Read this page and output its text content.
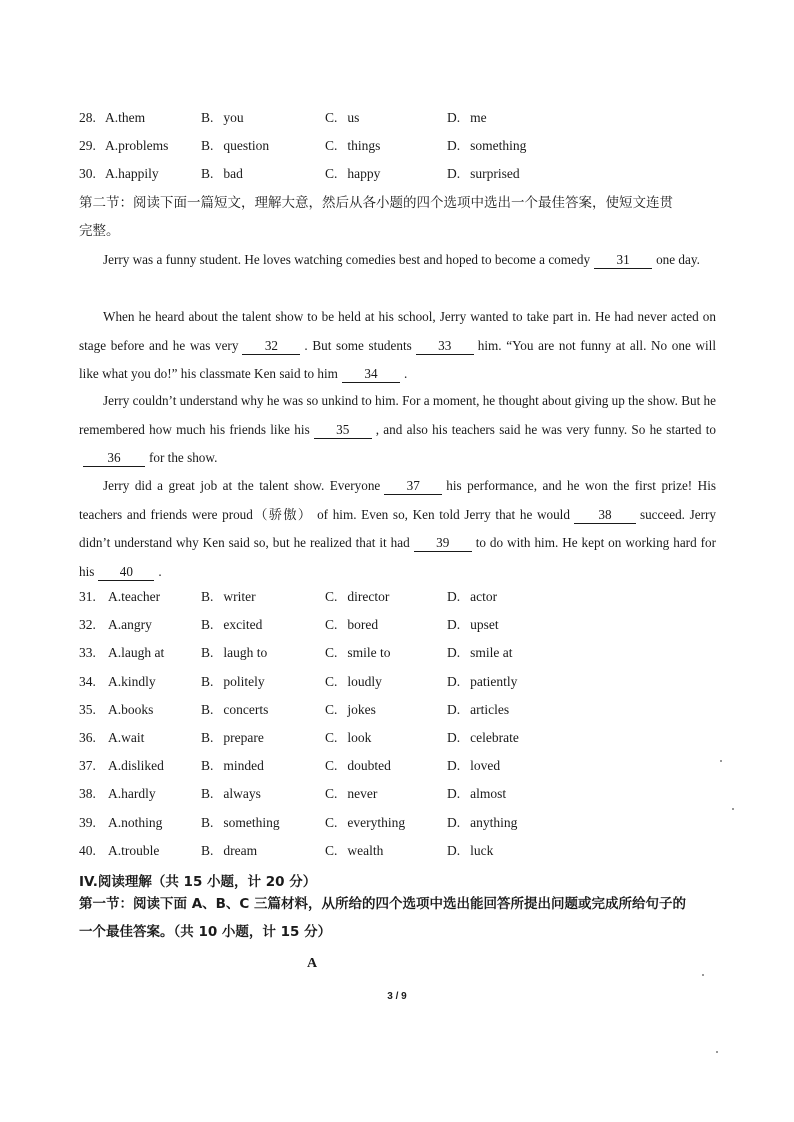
28. A.them	B. you	C. us	D. me
29. A.problems B. question	C. things	D. something
30. A.happily	B. bad	C. happy	D. surprised
第二节：阅读下面一篇短文，理解大意，然后从各小题的四个选项中选出一个最佳答案，使短文连贯
完整。
Jerry was a funny student. He loves watching comedies best and hoped to become a comedy 31 one day.
When he heard about the talent show to be held at his school, Jerry wanted to take part in. He had never acted on stage before and he was very 32 . But some students 33 him. “You are not funny at all. No one will like what you do!” his classmate Ken said to him 34 .
Jerry couldn’t understand why he was so unkind to him. For a moment, he thought about giving up the show. But he remembered how much his friends like his 35 , and also his teachers said he was very funny. So he started to36 for the show.
Jerry did a great job at the talent show. Everyone 37 his performance, and he won the first prize! His teachers and friends were proud（骄傲） of him. Even so, Ken told Jerry that he would 38 succeed. Jerry didn’t understand why Ken said so, but he realized that it had 39 to do with him. He kept on working hard for his 40 .
31. A.teacher	B. writer	C. director	D. actor
32. A.angry	B. excited	C. bored	D. upset
33. A.laugh at	B. laugh to	C. smile to	D. smile at
34. A.kindly	B. politely	C. loudly	D. patiently
35. A.books	B. concerts	C. jokes	D. articles
36. A.wait	B. prepare	C. look	D. celebrate
37. A.disliked	B. minded	C. doubted	D. loved
38. A.hardly	B. always	C. never	D. almost
39. A.nothing	B. something	C. everything	D. anything
40. A.trouble	B. dream	C. wealth	D. luck
IV.阅读理解（共 15 小题，计 20 分）
第一节：阅读下面 A、B、C 三篇材料，从所给的四个选项中选出能回答所提出问题或完成所给句子的
一个最佳答案。（共 10 小题，计 15 分）
A
3 / 9
